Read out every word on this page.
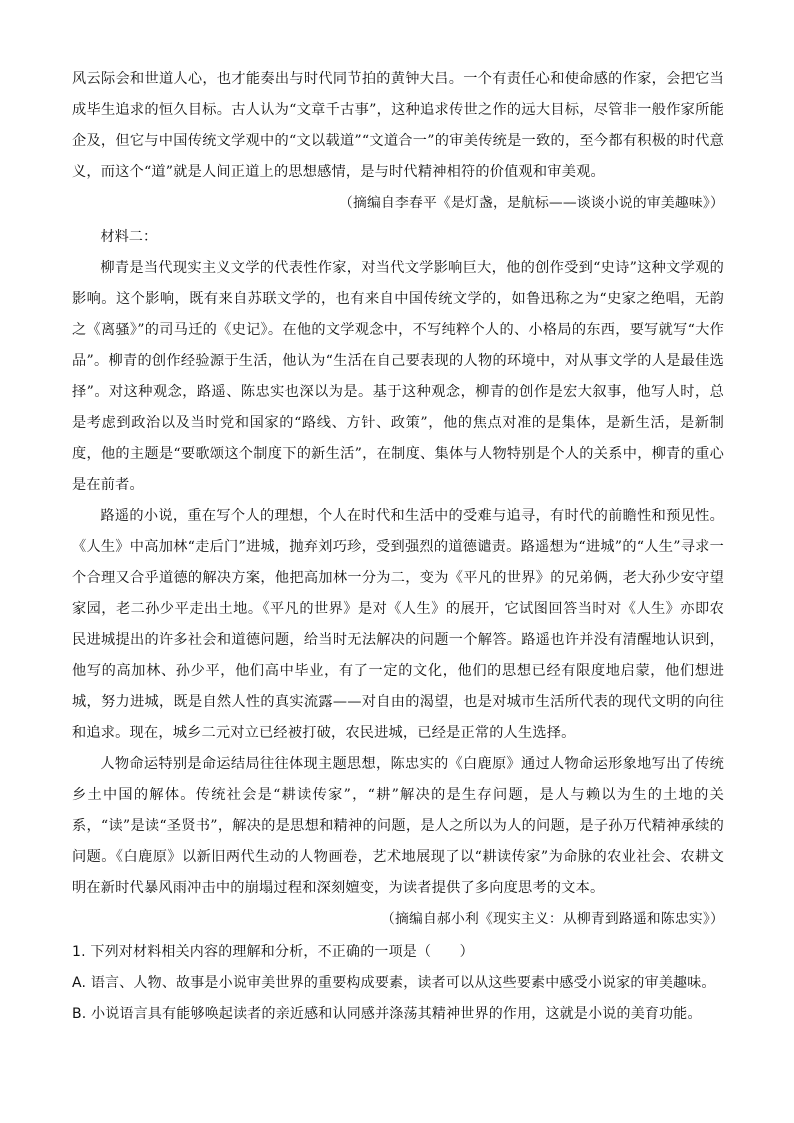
风云际会和世道人心，也才能奏出与时代同节拍的黄钟大吕。一个有责任心和使命感的作家，会把它当成毕生追求的恒久目标。古人认为“文章千古事”，这种追求传世之作的远大目标，尽管非一般作家所能企及，但它与中国传统文学观中的“文以载道”“文道合一”的审美传统是一致的，至今都有积极的时代意义，而这个“道”就是人间正道上的思想感情，是与时代精神相符的价值观和审美观。

（摘编自李春平《是灯盏，是航标——谈谈小说的审美趣味》）

材料二：

柳青是当代现实主义文学的代表性作家，对当代文学影响巨大，他的创作受到“史诗”这种文学观的影响。这个影响，既有来自苏联文学的，也有来自中国传统文学的，如鲁迅称之为“史家之绝唱，无韵之《离骚》”的司马迁的《史记》。在他的文学观念中，不写纯粹个人的、小格局的东西，要写就写“大作品”。柳青的创作经验源于生活，他认为“生活在自己要表现的人物的环境中，对从事文学的人是最佳选择”。对这种观念，路遥、陈忠实也深以为是。基于这种观念，柳青的创作是宏大叙事，他写人时，总是考虑到政治以及当时党和国家的“路线、方针、政策”，他的焦点对准的是集体，是新生活，是新制度，他的主题是“要歌颂这个制度下的新生活”，在制度、集体与人物特别是个人的关系中，柳青的重心是在前者。

路遥的小说，重在写个人的理想，个人在时代和生活中的受难与追寻，有时代的前瞻性和预见性。《人生》中高加林“走后门”进城，抛弃刘巧珍，受到强烈的道德谴责。路遥想为“进城”的“人生”寻求一个合理又合乎道德的解决方案，他把高加林一分为二，变为《平凡的世界》的兄弟俩，老大孙少安守望家园，老二孙少平走出土地。《平凡的世界》是对《人生》的展开，它试图回答当时对《人生》亦即农民进城提出的许多社会和道德问题，给当时无法解决的问题一个解答。路遥也许并没有清醒地认识到，他写的高加林、孙少平，他们高中毕业，有了一定的文化，他们的思想已经有限度地启蒙，他们想进城，努力进城，既是自然人性的真实流露——对自由的渴望，也是对城市生活所代表的现代文明的向往和追求。现在，城乡二元对立已经被打破，农民进城，已经是正常的人生选择。

人物命运特别是命运结局往往体现主题思想，陈忠实的《白鹿原》通过人物命运形象地写出了传统乡土中国的解体。传统社会是“耕读传家”，“耕”解决的是生存问题，是人与赖以为生的土地的关系，“读”是读“圣贤书”，解决的是思想和精神的问题，是人之所以为人的问题，是子孙万代精神承续的问题。《白鹿原》以新旧两代生动的人物画卷，艺术地展现了以“耕读传家”为命脉的农业社会、农耕文明在新时代暴风雨冲击中的崩塌过程和深刻嬗变，为读者提供了多向度思考的文本。

（摘编自郝小利《现实主义：从柳青到路遥和陈忠实》）

1. 下列对材料相关内容的理解和分析，不正确的一项是（　　）

A. 语言、人物、故事是小说审美世界的重要构成要素，读者可以从这些要素中感受小说家的审美趣味。

B. 小说语言具有能够唤起读者的亲近感和认同感并涤荡其精神世界的作用，这就是小说的美育功能。
